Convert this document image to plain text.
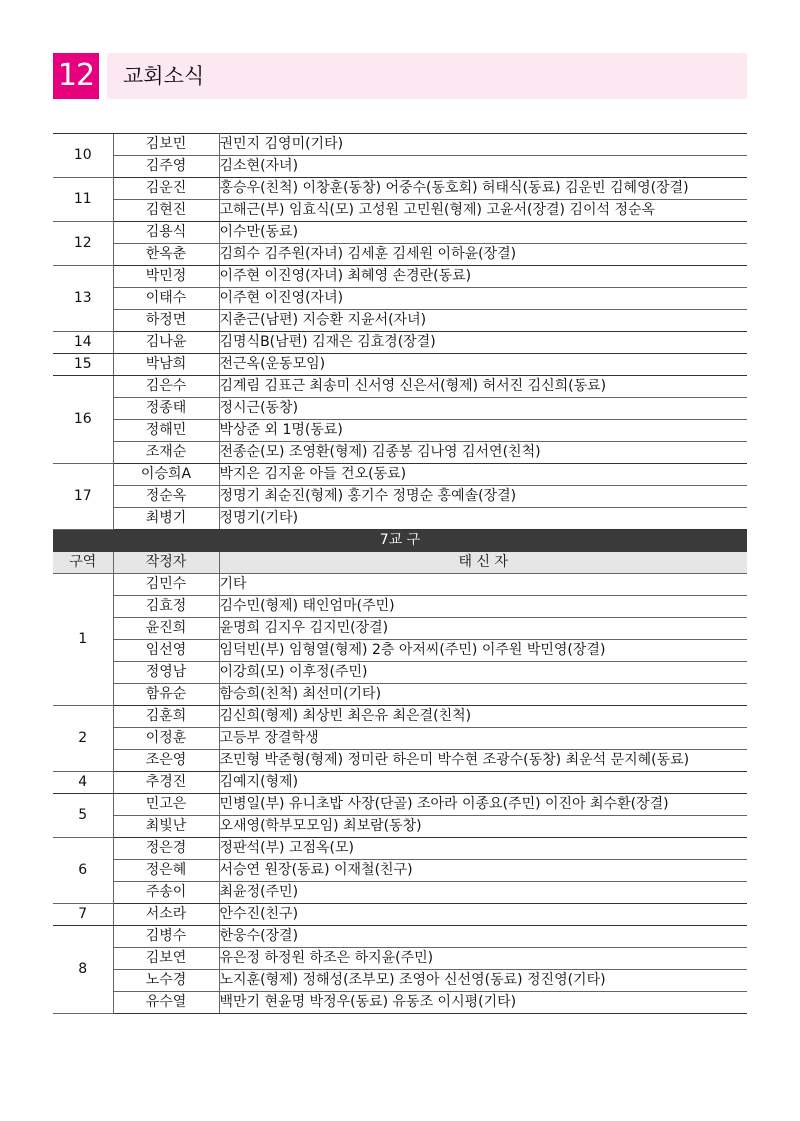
12	교회소식
10	김보민	권민지 김영미(기타)
	김주영	김소현(자녀)
11	김운진	홍승우(친척) 이창훈(동창) 어중수(동호회) 허태식(동료) 김운빈 김혜영(장결)
	김현진	고해근(부) 임효식(모) 고성원 고민원(형제) 고윤서(장결) 김이석 정순옥
12	김용식	이수만(동료)
	한옥춘	김희수 김주원(자녀) 김세훈 김세원 이하윤(장결)
13	박민정	이주현 이진영(자녀) 최혜영 손경란(동료)
	이태수	이주현 이진영(자녀)
	하정면	지춘근(남편) 지승환 지윤서(자녀)
14	김나윤	김명식B(남편) 김재은 김효경(장결)
15	박남희	전근옥(운동모임)
16	김은수	김계림 김표근 최송미 신서영 신은서(형제) 허서진 김신희(동료)
	정종태	정시근(동창)
	정해민	박상준 외 1명(동료)
	조재순	전종순(모) 조영환(형제) 김종봉 김나영 김서연(친척)
17	이승희A	박지은 김지윤 아들 건오(동료)
	정순옥	정명기 최순진(형제) 홍기수 정명순 홍예솔(장결)
	최병기	정명기(기타)
7교 구		
구역	작정자	태 신 자
1	김민수	기타
	김효정	김수민(형제) 태인엄마(주민)
	윤진희	윤명희 김지우 김지민(장결)
	임선영	임덕빈(부) 임형열(형제) 2층 아저씨(주민) 이주원 박민영(장결)
	정영남	이강희(모) 이후정(주민)
	함유순	함승희(친척) 최선미(기타)
2	김훈희	김신희(형제) 최상빈 최은유 최은결(친척)
	이정훈	고등부 장결학생
	조은영	조민형 박준형(형제) 정미란 하은미 박수현 조광수(동창) 최운석 문지혜(동료)
4	추경진	김예지(형제)
5	민고은	민병일(부) 유니초밥 사장(단골) 조아라 이종요(주민) 이진아 최수환(장결)
	최빛난	오새영(학부모모임) 최보람(동창)
6	정은경	정판석(부) 고점옥(모)
	정은혜	서승연 원장(동료) 이재철(친구)
	주송이	최윤정(주민)
7	서소라	안수진(친구)
8	김병수	한웅수(장결)
	김보연	유은정 하정원 하조은 하지윤(주민)
	노수경	노지훈(형제) 정해성(조부모) 조영아 신선영(동료) 정진영(기타)
	유수열	백만기 현윤명 박정우(동료) 유동조 이시평(기타)
